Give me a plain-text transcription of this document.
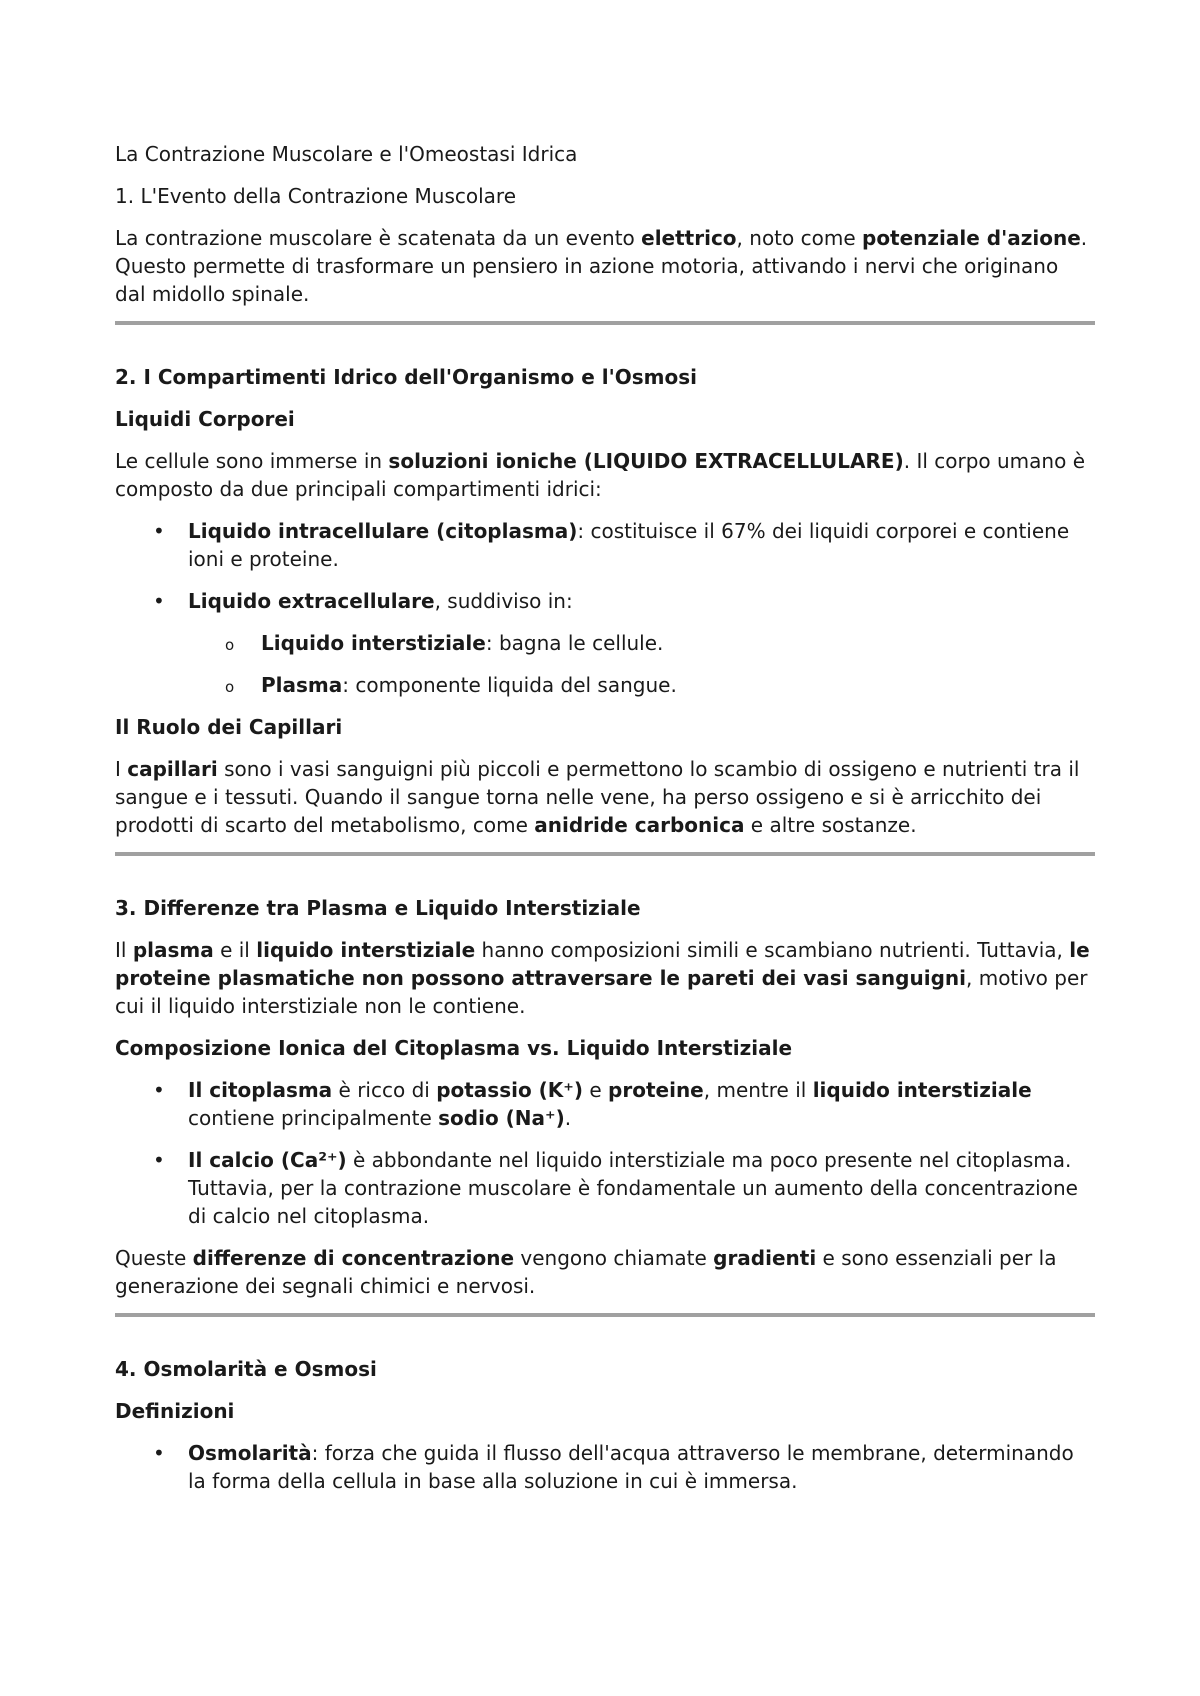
La Contrazione Muscolare e l'Omeostasi Idrica

1. L'Evento della Contrazione Muscolare

La contrazione muscolare è scatenata da un evento elettrico, noto come potenziale d'azione. Questo permette di trasformare un pensiero in azione motoria, attivando i nervi che originano dal midollo spinale.

2. I Compartimenti Idrico dell'Organismo e l'Osmosi

Liquidi Corporei

Le cellule sono immerse in soluzioni ioniche (LIQUIDO EXTRACELLULARE). Il corpo umano è composto da due principali compartimenti idrici:

• Liquido intracellulare (citoplasma): costituisce il 67% dei liquidi corporei e contiene ioni e proteine.
• Liquido extracellulare, suddiviso in:
o Liquido interstiziale: bagna le cellule.
o Plasma: componente liquida del sangue.

Il Ruolo dei Capillari

I capillari sono i vasi sanguigni più piccoli e permettono lo scambio di ossigeno e nutrienti tra il sangue e i tessuti. Quando il sangue torna nelle vene, ha perso ossigeno e si è arricchito dei prodotti di scarto del metabolismo, come anidride carbonica e altre sostanze.

3. Differenze tra Plasma e Liquido Interstiziale

Il plasma e il liquido interstiziale hanno composizioni simili e scambiano nutrienti. Tuttavia, le proteine plasmatiche non possono attraversare le pareti dei vasi sanguigni, motivo per cui il liquido interstiziale non le contiene.

Composizione Ionica del Citoplasma vs. Liquido Interstiziale

• Il citoplasma è ricco di potassio (K⁺) e proteine, mentre il liquido interstiziale contiene principalmente sodio (Na⁺).
• Il calcio (Ca²⁺) è abbondante nel liquido interstiziale ma poco presente nel citoplasma. Tuttavia, per la contrazione muscolare è fondamentale un aumento della concentrazione di calcio nel citoplasma.

Queste differenze di concentrazione vengono chiamate gradienti e sono essenziali per la generazione dei segnali chimici e nervosi.

4. Osmolarità e Osmosi

Definizioni

• Osmolarità: forza che guida il flusso dell'acqua attraverso le membrane, determinando la forma della cellula in base alla soluzione in cui è immersa.
